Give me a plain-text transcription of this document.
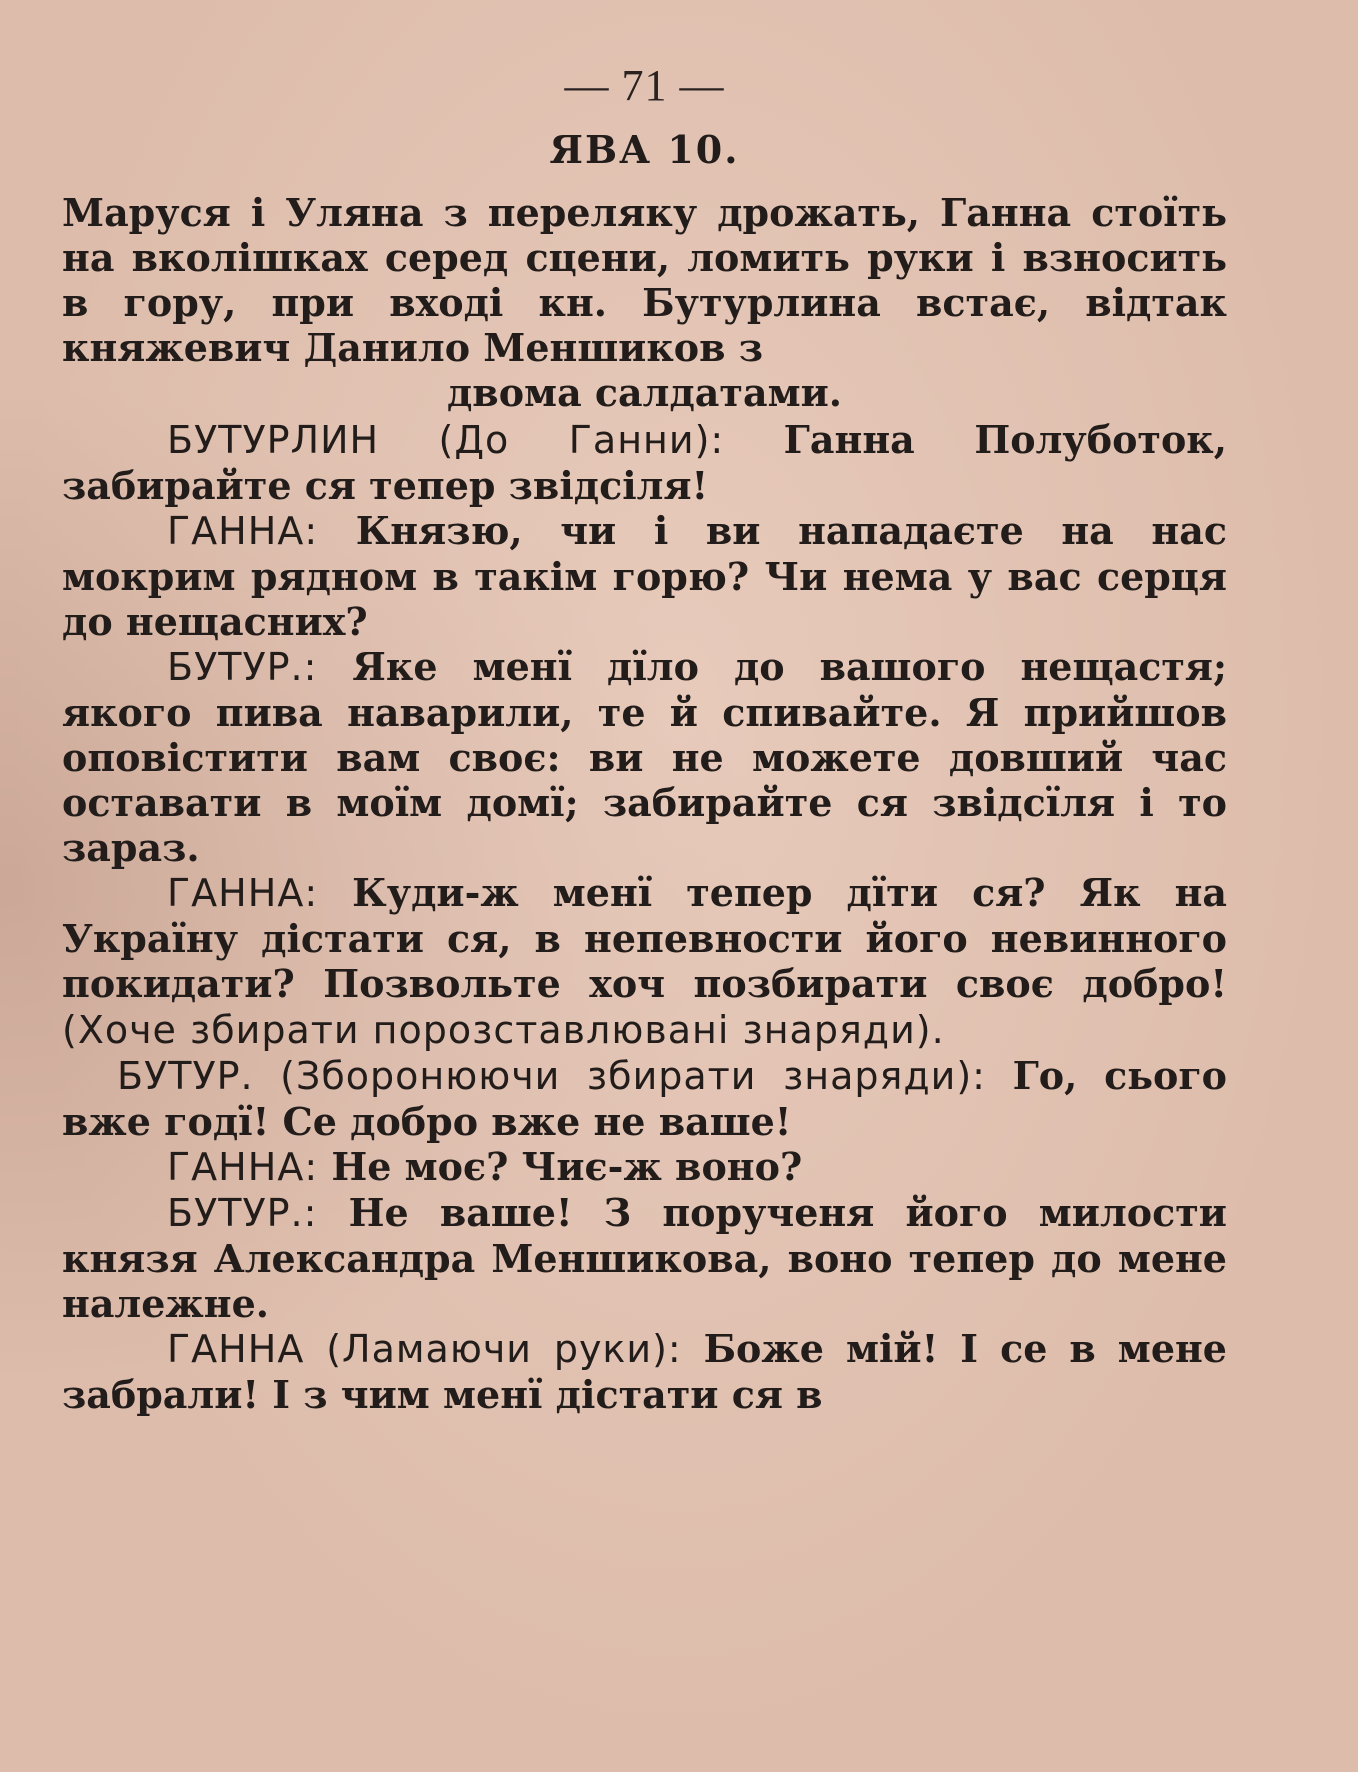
— 71 —
ЯВА 10.

Маруся і Уляна з переляку дрожать, Ганна стоїть на вколішках серед сцени, ломить руки і взносить в гору, при вході кн. Бутурлина встає, відтак княжевич Данило Меншиков з

двома салдатами.

БУТУРЛИН (До Ганни): Ганна Полуботок, забирайте ся тепер звідсіля!

ГАННА: Князю, чи і ви нападаєте на нас мокрим рядном в такім горю? Чи нема у вас серця до нещасних?

БУТУР.: Яке менї дїло до вашого нещастя; якого пива наварили, те й спивайте. Я прийшов оповістити вам своє: ви не можете довший час оставати в моїм домї; забирайте ся звідсїля і то зараз.

ГАННА: Куди-ж менї тепер дїти ся? Як на Україну дістати ся, в непевности його невинного покидати? Позвольте хоч позбирати своє добро! (Хоче збирати порозставлювані знаряди).

БУТУР. (Зборонюючи збирати знаряди): Го, сього вже годї! Се добро вже не ваше!

ГАННА: Не моє? Чиє-ж воно?

БУТУР.: Не ваше! З порученя його милости князя Александра Меншикова, воно тепер до мене належне.

ГАННА (Ламаючи руки): Боже мій! І се в мене забрали! І з чим менї дістати ся в
